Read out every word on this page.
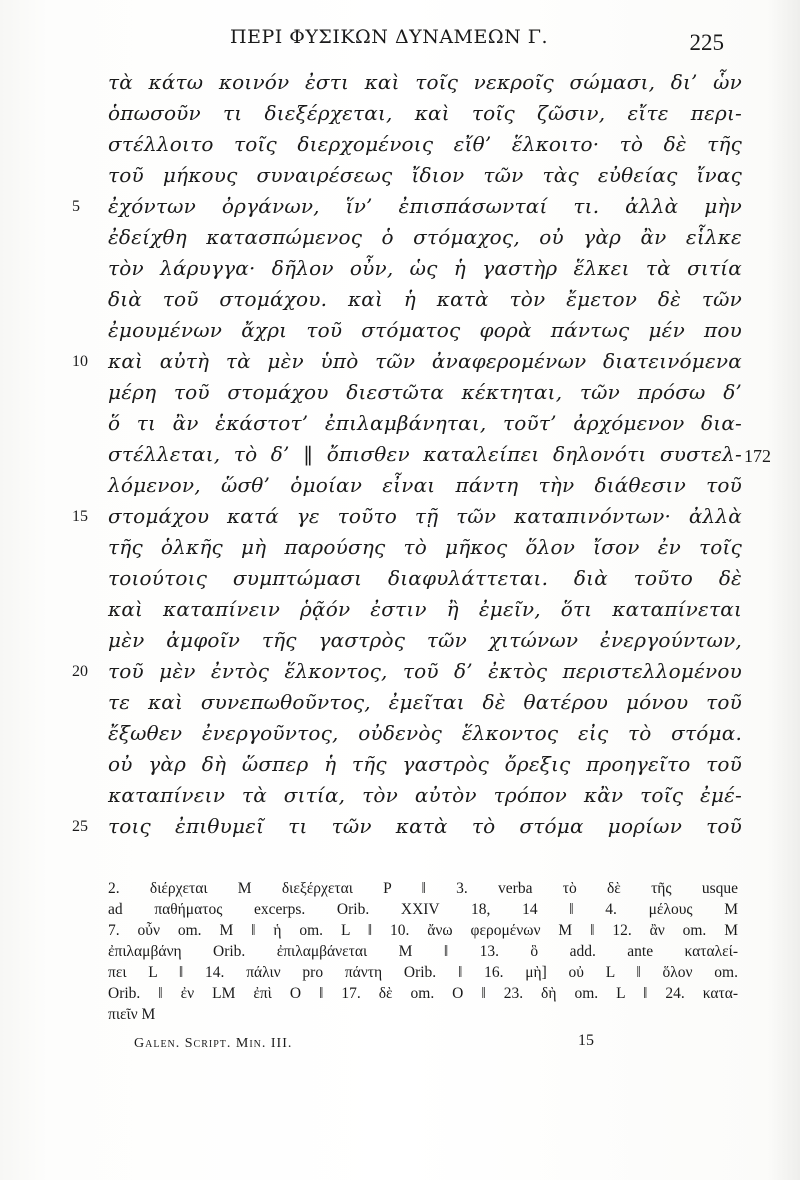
ΠΕΡΙ ΦΥΣΙΚΩΝ ΔΥΝΑΜΕΩΝ Γ.	225
τὰ κάτω κοινόν ἐστι καὶ τοῖς νεκροῖς σώμασι, δι’ ὧν
ὁπωσοῦν τι διεξέρχεται, καὶ τοῖς ζῶσιν, εἴτε περι-
στέλλοιτο τοῖς διερχομένοις εἴθ’ ἕλκοιτο· τὸ δὲ τῆς
τοῦ μήκους συναιρέσεως ἴδιον τῶν τὰς εὐθείας ἴνας
ἐχόντων ὀργάνων, ἵν’ ἐπισπάσωνταί τι. ἀλλὰ μὴν
ἐδείχθη κατασπώμενος ὁ στόμαχος, οὐ γὰρ ἂν εἷλκε
τὸν λάρυγγα· δῆλον οὖν, ὡς ἡ γαστὴρ ἕλκει τὰ σιτία
διὰ τοῦ στομάχου. καὶ ἡ κατὰ τὸν ἔμετον δὲ τῶν
ἐμουμένων ἄχρι τοῦ στόματος φορὰ πάντως μέν που
καὶ αὐτὴ τὰ μὲν ὑπὸ τῶν ἀναφερομένων διατεινόμενα
μέρη τοῦ στομάχου διεστῶτα κέκτηται, τῶν πρόσω δ’
ὅ τι ἂν ἑκάστοτ’ ἐπιλαμβάνηται, τοῦτ’ ἀρχόμενον δια-
στέλλεται, τὸ δ’ ‖ ὄπισθεν καταλείπει δηλονότι συστελ-
λόμενον, ὥσθ’ ὁμοίαν εἶναι πάντη τὴν διάθεσιν τοῦ
στομάχου κατά γε τοῦτο τῇ τῶν καταπινόντων· ἀλλὰ
τῆς ὁλκῆς μὴ παρούσης τὸ μῆκος ὅλον ἴσον ἐν τοῖς
τοιούτοις συμπτώμασι διαφυλάττεται. διὰ τοῦτο δὲ
καὶ καταπίνειν ῥᾷόν ἐστιν ἢ ἐμεῖν, ὅτι καταπίνεται
μὲν ἀμφοῖν τῆς γαστρὸς τῶν χιτώνων ἐνεργούντων,
τοῦ μὲν ἐντὸς ἕλκοντος, τοῦ δ’ ἐκτὸς περιστελλομένου
τε καὶ συνεπωθοῦντος, ἐμεῖται δὲ θατέρου μόνου τοῦ
ἔξωθεν ἐνεργοῦντος, οὐδενὸς ἕλκοντος εἰς τὸ στόμα.
οὐ γὰρ δὴ ὥσπερ ἡ τῆς γαστρὸς ὄρεξις προηγεῖτο τοῦ
καταπίνειν τὰ σιτία, τὸν αὐτὸν τρόπον κἂν τοῖς ἐμέ-
τοις ἐπιθυμεῖ τι τῶν κατὰ τὸ στόμα μορίων τοῦ
5
10
15
20
25
172
2. διέρχεται M διεξέρχεται P ‖ 3. verba τὸ δὲ τῆς usque
ad παθήματος excerps. Orib. XXIV 18, 14 ‖ 4. μέλους M
7. οὖν om. M ‖ ἡ om. L ‖ 10. ἄνω φερομένων M ‖ 12. ἂν om. M
ἐπιλαμβάνη Orib. ἐπιλαμβάνεται M ‖ 13. ὃ add. ante καταλεί-
πει L ‖ 14. πάλιν pro πάντη Orib. ‖ 16. μὴ] οὐ L ‖ ὅλον om.
Orib. ‖ ἐν LM ἐπὶ O ‖ 17. δὲ om. O ‖ 23. δὴ om. L ‖ 24. κατα-
πιεῖν M
Galen. Script. Min. III.	15
